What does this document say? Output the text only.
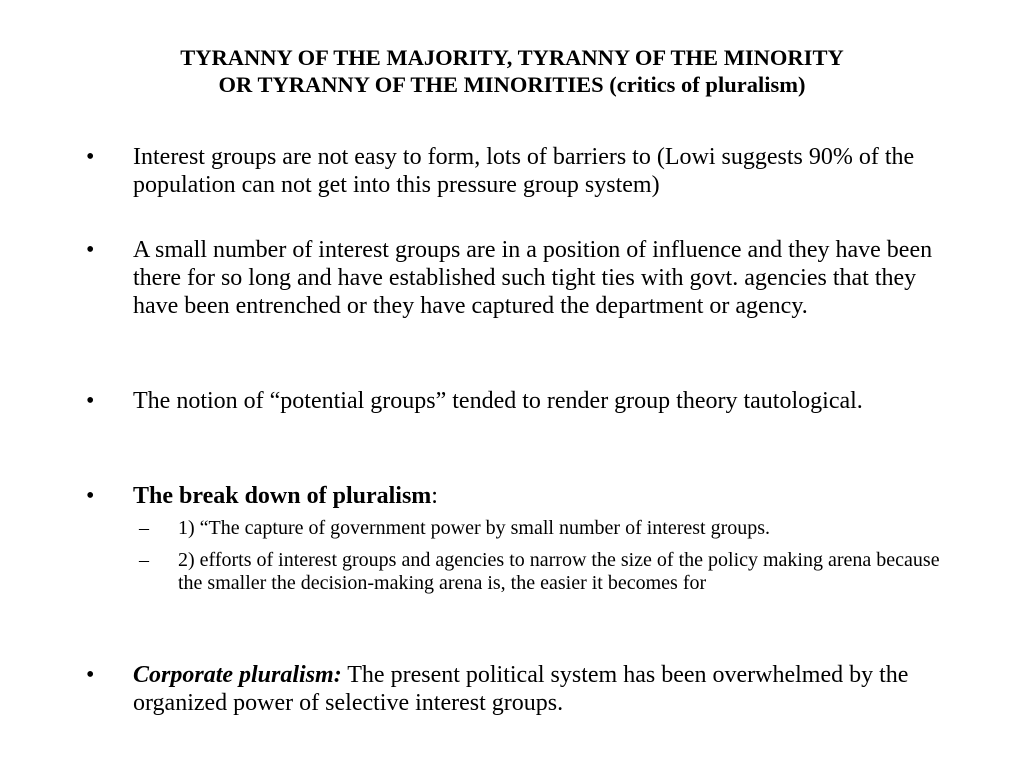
TYRANNY OF THE MAJORITY, TYRANNY OF THE MINORITY
OR TYRANNY OF THE MINORITIES (critics of pluralism)
• Interest groups are not easy to form, lots of barriers to (Lowi suggests 90% of the population can not get into this pressure group system)
• A small number of interest groups are in a position of influence and they have been there for so long and have established such tight ties with govt. agencies that they have been entrenched or they have captured the department or agency.
• The notion of “potential groups” tended to render group theory tautological.
• The break down of pluralism:
– 1) “The capture of government power by small number of interest groups.
– 2) efforts of interest groups and agencies to narrow the size of the policy making arena because the smaller the decision-making arena is, the easier it becomes for
• Corporate pluralism: The present political system has been overwhelmed by the organized power of selective interest groups.
